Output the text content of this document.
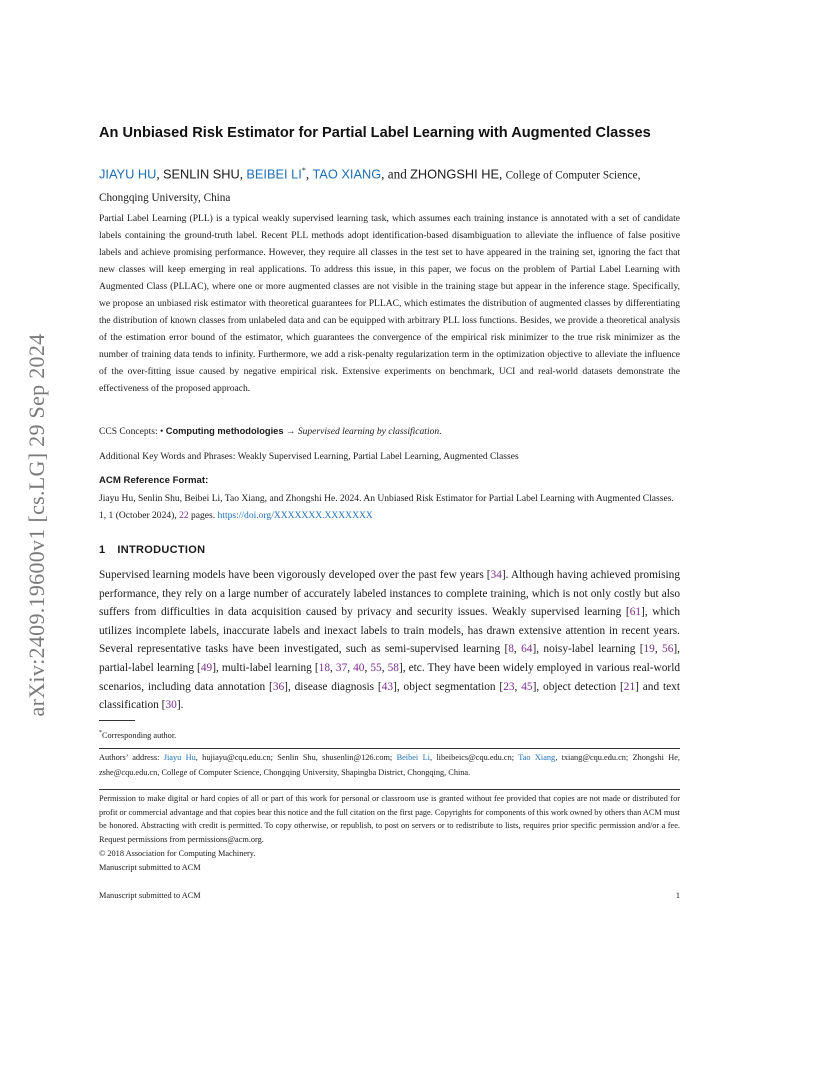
arXiv:2409.19600v1 [cs.LG] 29 Sep 2024
An Unbiased Risk Estimator for Partial Label Learning with Augmented Classes
JIAYU HU, SENLIN SHU, BEIBEI LI*, TAO XIANG, and ZHONGSHI HE, College of Computer Science, Chongqing University, China
Partial Label Learning (PLL) is a typical weakly supervised learning task, which assumes each training instance is annotated with a set of candidate labels containing the ground-truth label. Recent PLL methods adopt identification-based disambiguation to alleviate the influence of false positive labels and achieve promising performance. However, they require all classes in the test set to have appeared in the training set, ignoring the fact that new classes will keep emerging in real applications. To address this issue, in this paper, we focus on the problem of Partial Label Learning with Augmented Class (PLLAC), where one or more augmented classes are not visible in the training stage but appear in the inference stage. Specifically, we propose an unbiased risk estimator with theoretical guarantees for PLLAC, which estimates the distribution of augmented classes by differentiating the distribution of known classes from unlabeled data and can be equipped with arbitrary PLL loss functions. Besides, we provide a theoretical analysis of the estimation error bound of the estimator, which guarantees the convergence of the empirical risk minimizer to the true risk minimizer as the number of training data tends to infinity. Furthermore, we add a risk-penalty regularization term in the optimization objective to alleviate the influence of the over-fitting issue caused by negative empirical risk. Extensive experiments on benchmark, UCI and real-world datasets demonstrate the effectiveness of the proposed approach.
CCS Concepts: • Computing methodologies → Supervised learning by classification.
Additional Key Words and Phrases: Weakly Supervised Learning, Partial Label Learning, Augmented Classes
ACM Reference Format:
Jiayu Hu, Senlin Shu, Beibei Li, Tao Xiang, and Zhongshi He. 2024. An Unbiased Risk Estimator for Partial Label Learning with Augmented Classes. 1, 1 (October 2024), 22 pages. https://doi.org/XXXXXXX.XXXXXXX
1 INTRODUCTION
Supervised learning models have been vigorously developed over the past few years [34]. Although having achieved promising performance, they rely on a large number of accurately labeled instances to complete training, which is not only costly but also suffers from difficulties in data acquisition caused by privacy and security issues. Weakly supervised learning [61], which utilizes incomplete labels, inaccurate labels and inexact labels to train models, has drawn extensive attention in recent years. Several representative tasks have been investigated, such as semi-supervised learning [8, 64], noisy-label learning [19, 56], partial-label learning [49], multi-label learning [18, 37, 40, 55, 58], etc. They have been widely employed in various real-world scenarios, including data annotation [36], disease diagnosis [43], object segmentation [23, 45], object detection [21] and text classification [30].
*Corresponding author.
Authors’ address: Jiayu Hu, hujiayu@cqu.edu.cn; Senlin Shu, shusenlin@126.com; Beibei Li, libeibeics@cqu.edu.cn; Tao Xiang, txiang@cqu.edu.cn; Zhongshi He, zshe@cqu.edu.cn, College of Computer Science, Chongqing University, Shapingba District, Chongqing, China.
Permission to make digital or hard copies of all or part of this work for personal or classroom use is granted without fee provided that copies are not made or distributed for profit or commercial advantage and that copies bear this notice and the full citation on the first page. Copyrights for components of this work owned by others than ACM must be honored. Abstracting with credit is permitted. To copy otherwise, or republish, to post on servers or to redistribute to lists, requires prior specific permission and/or a fee. Request permissions from permissions@acm.org.
© 2018 Association for Computing Machinery.
Manuscript submitted to ACM
Manuscript submitted to ACM	1
